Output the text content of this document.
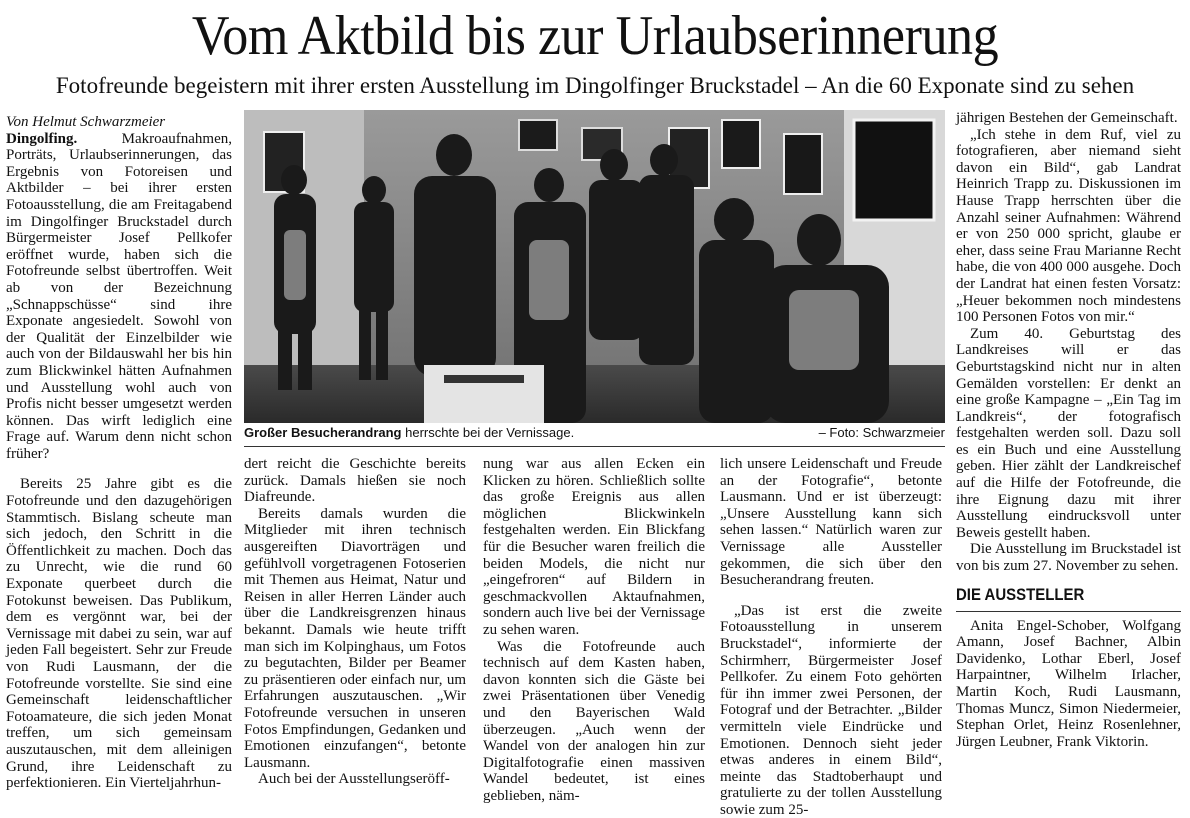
Vom Aktbild bis zur Urlaubserinnerung
Fotofreunde begeistern mit ihrer ersten Ausstellung im Dingolfinger Bruckstadel – An die 60 Exponate sind zu sehen

Von Helmut Schwarzmeier

Dingolfing.	Makroaufnahmen, Porträts, Urlaubserinnerungen, das Ergebnis von Fotoreisen und Aktbilder – bei ihrer ersten Fotoausstellung, die am Freitagabend im Dingolfinger Bruckstadel durch Bürgermeister Josef Pellkofer eröffnet wurde, haben sich die Fotofreunde selbst übertroffen. Weit ab von der Bezeichnung „Schnappschüsse“ sind ihre Exponate angesiedelt. Sowohl von der Qualität der Einzelbilder wie auch von der Bildauswahl her bis hin zum Blickwinkel hätten Aufnahmen und Ausstellung wohl auch von Profis nicht besser umgesetzt werden können. Das wirft lediglich eine Frage auf. Warum denn nicht schon früher?

Bereits 25 Jahre gibt es die Fotofreunde und den dazugehörigen Stammtisch. Bislang scheute man sich jedoch, den Schritt in die Öffentlichkeit zu machen. Doch das zu Unrecht, wie die rund 60 Exponate querbeet durch die Fotokunst beweisen. Das Publikum, dem es vergönnt war, bei der Vernissage mit dabei zu sein, war auf jeden Fall begeistert. Sehr zur Freude von Rudi Lausmann, der die Fotofreunde vorstellte. Sie sind eine Gemeinschaft leidenschaftlicher Fotoamateure, die sich jeden Monat treffen, um sich gemeinsam auszutauschen, mit dem alleinigen Grund, ihre Leidenschaft zu perfektionieren. Ein Vierteljahrhun-

Großer Besucherandrang herrschte bei der Vernissage.	– Foto: Schwarzmeier

dert reicht die Geschichte bereits zurück. Damals hießen sie noch Diafreunde.

Bereits damals wurden die Mitglieder mit ihren technisch ausgereiften Diavorträgen und gefühlvoll vorgetragenen Fotoserien mit Themen aus Heimat, Natur und Reisen in aller Herren Länder auch über die Landkreisgrenzen hinaus bekannt. Damals wie heute trifft man sich im Kolpinghaus, um Fotos zu begutachten, Bilder per Beamer zu präsentieren oder einfach nur, um Erfahrungen auszutauschen. „Wir Fotofreunde versuchen in unseren Fotos Empfindungen, Gedanken und Emotionen einzufangen“, betonte Lausmann.

Auch bei der Ausstellungseröff-

nung war aus allen Ecken ein Klicken zu hören. Schließlich sollte das große Ereignis aus allen möglichen Blickwinkeln festgehalten werden. Ein Blickfang für die Besucher waren freilich die beiden Models, die nicht nur „eingefroren“ auf Bildern in geschmackvollen Aktaufnahmen, sondern auch live bei der Vernissage zu sehen waren.

Was die Fotofreunde auch technisch auf dem Kasten haben, davon konnten sich die Gäste bei zwei Präsentationen über Venedig und den Bayerischen Wald überzeugen. „Auch wenn der Wandel von der analogen hin zur Digitalfotografie einen massiven Wandel bedeutet, ist eines geblieben, näm-

lich unsere Leidenschaft und Freude an der Fotografie“, betonte Lausmann. Und er ist überzeugt: „Unsere Ausstellung kann sich sehen lassen.“ Natürlich waren zur Vernissage alle Aussteller gekommen, die sich über den Besucherandrang freuten.

„Das ist erst die zweite Fotoausstellung in unserem Bruckstadel“, informierte der Schirmherr, Bürgermeister Josef Pellkofer. Zu einem Foto gehörten für ihn immer zwei Personen, der Fotograf und der Betrachter. „Bilder vermitteln viele Eindrücke und Emotionen. Dennoch sieht jeder etwas anderes in einem Bild“, meinte das Stadtoberhaupt und gratulierte zu der tollen Ausstellung sowie zum 25-

jährigen Bestehen der Gemeinschaft.

„Ich stehe in dem Ruf, viel zu fotografieren, aber niemand sieht davon ein Bild“, gab Landrat Heinrich Trapp zu. Diskussionen im Hause Trapp herrschten über die Anzahl seiner Aufnahmen: Während er von 250 000 spricht, glaube er eher, dass seine Frau Marianne Recht habe, die von 400 000 ausgehe. Doch der Landrat hat einen festen Vorsatz: „Heuer bekommen noch mindestens 100 Personen Fotos von mir.“

Zum 40. Geburtstag des Landkreises will er das Geburtstagskind nicht nur in alten Gemälden vorstellen: Er denkt an eine große Kampagne – „Ein Tag im Landkreis“, der fotografisch festgehalten werden soll. Dazu soll es ein Buch und eine Ausstellung geben. Hier zählt der Landkreischef auf die Hilfe der Fotofreunde, die ihre Eignung dazu mit ihrer Ausstellung eindrucksvoll unter Beweis gestellt haben.

Die Ausstellung im Bruckstadel ist von bis zum 27. November zu sehen.

DIE AUSSTELLER

Anita Engel-Schober, Wolfgang Amann, Josef Bachner, Albin Davidenko, Lothar Eberl, Josef Harpaintner, Wilhelm Irlacher, Martin Koch, Rudi Lausmann, Thomas Muncz, Simon Niedermeier, Stephan Orlet, Heinz Rosenlehner, Jürgen Leubner, Frank Viktorin.
